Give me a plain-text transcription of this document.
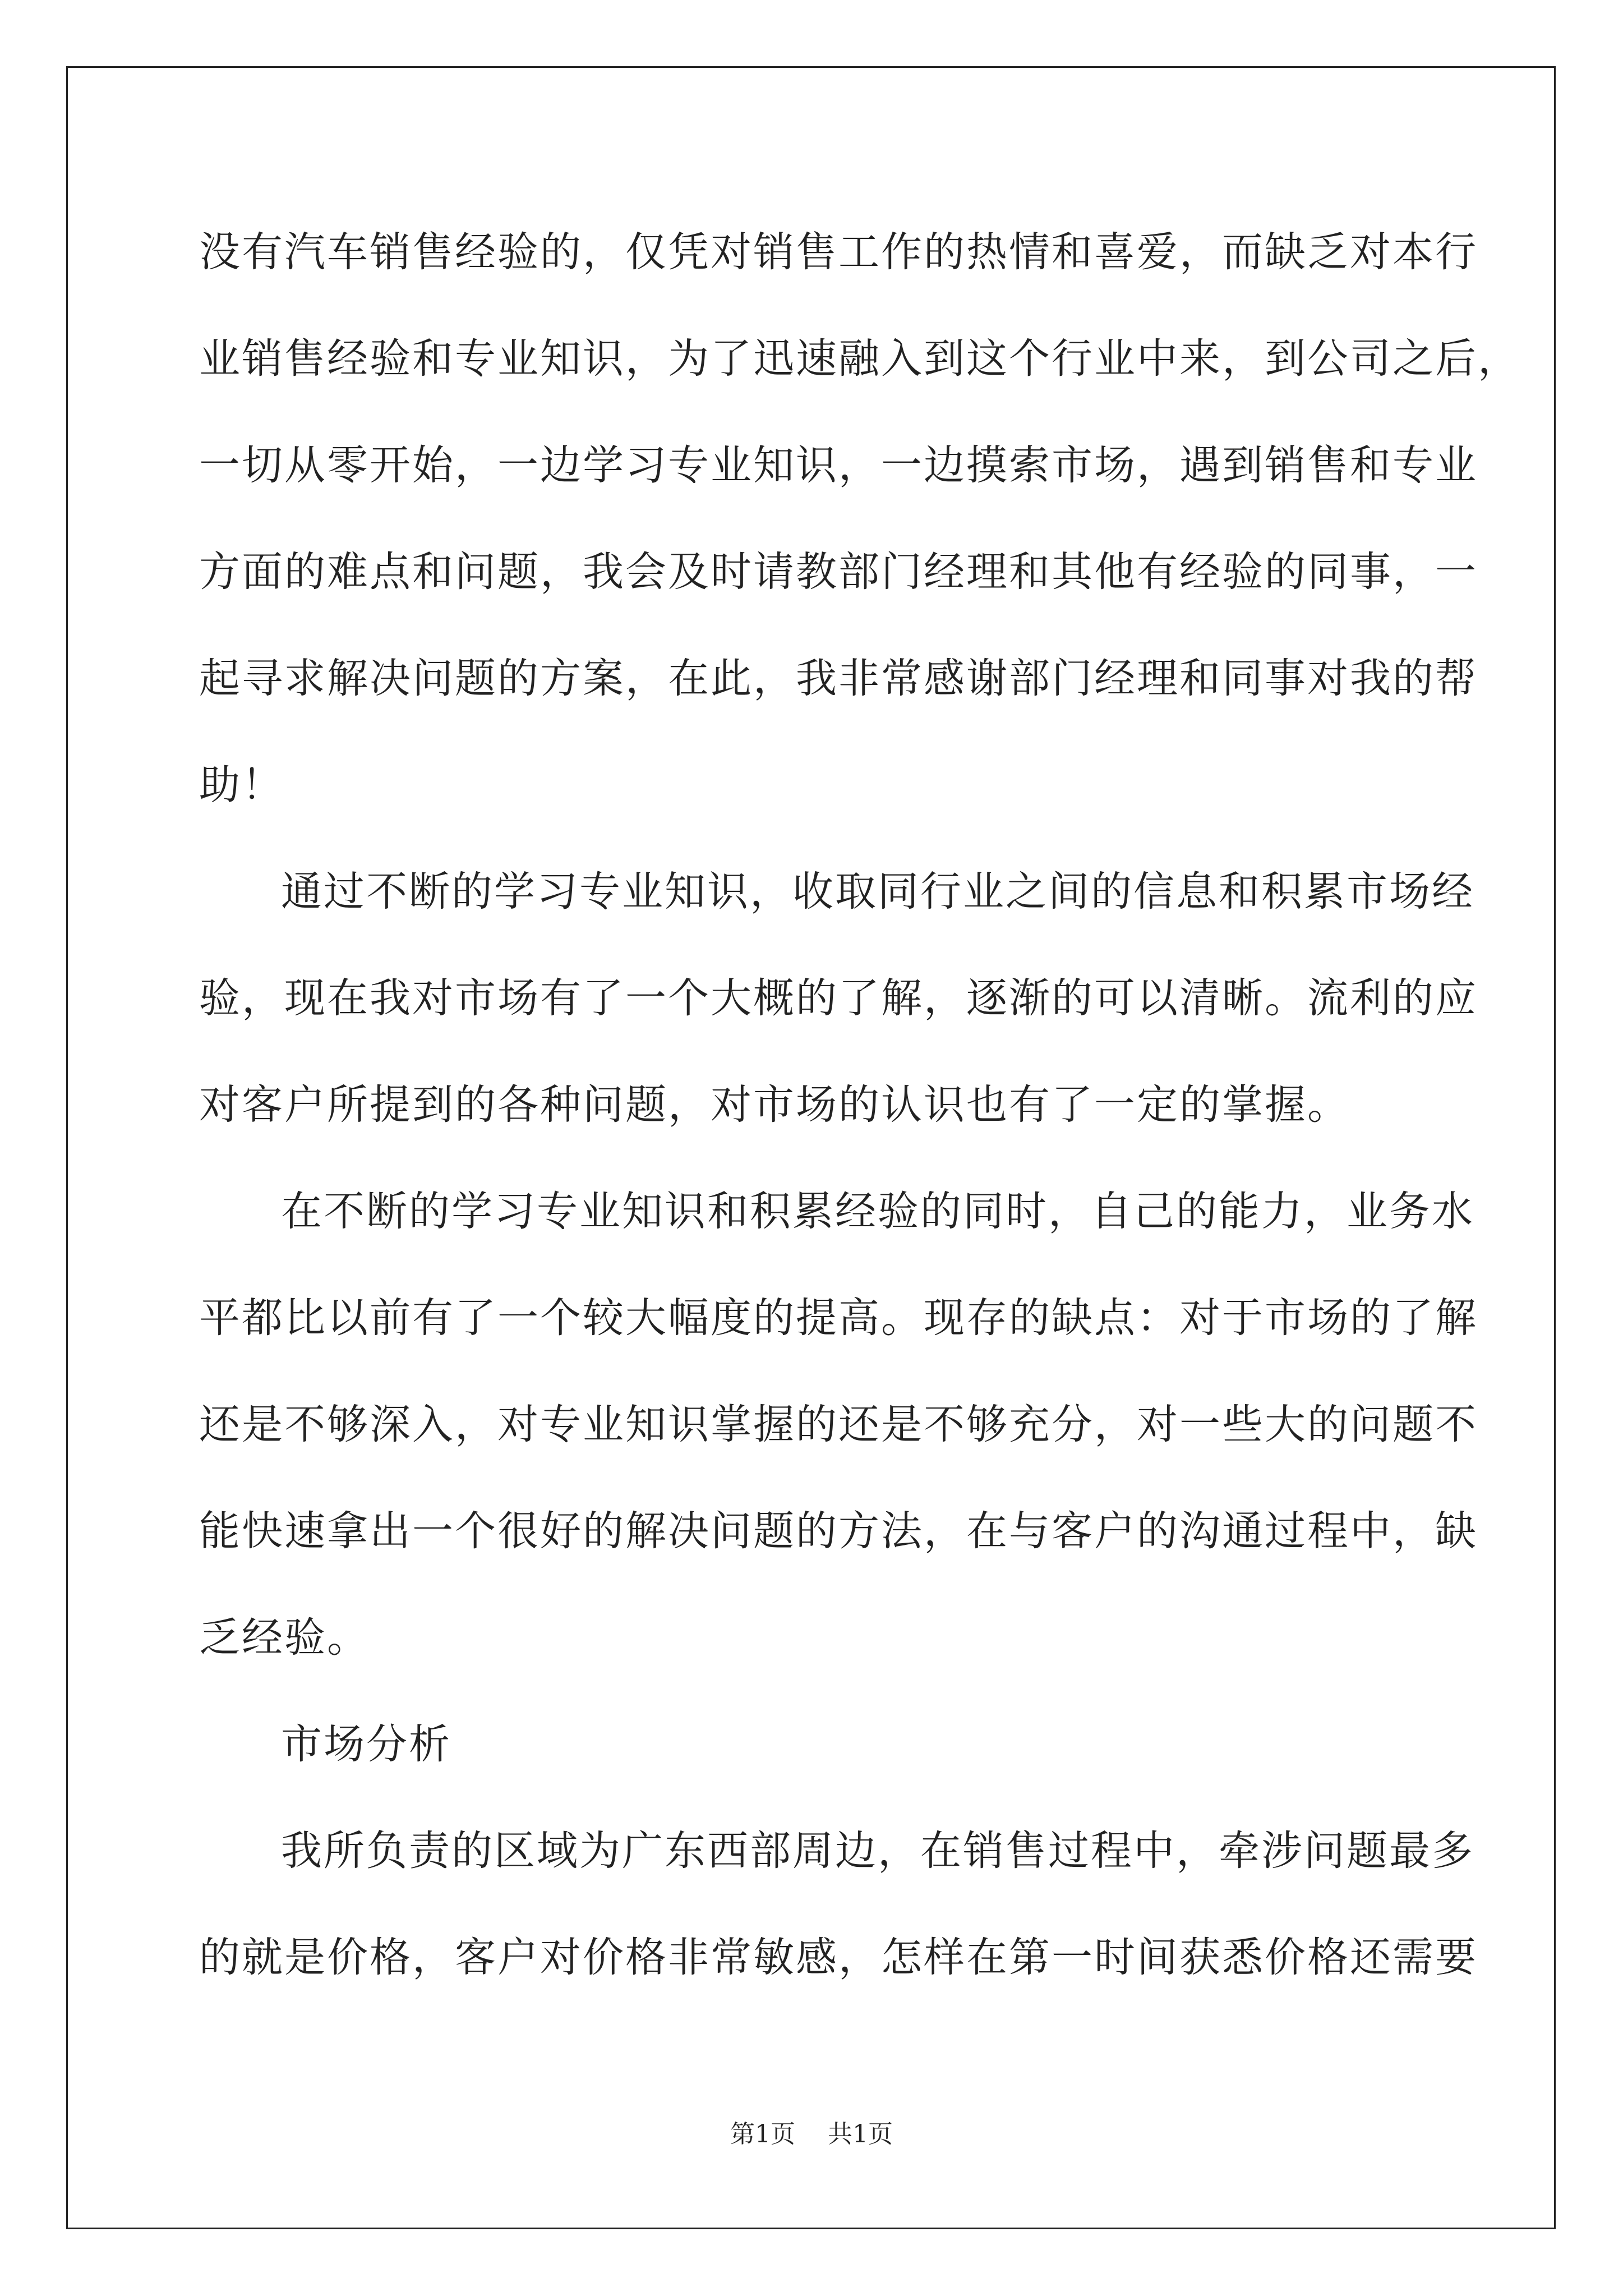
没有汽车销售经验的，仅凭对销售工作的热情和喜爱，而缺乏对本行
业销售经验和专业知识，为了迅速融入到这个行业中来，到公司之后，
一切从零开始，一边学习专业知识，一边摸索市场，遇到销售和专业
方面的难点和问题，我会及时请教部门经理和其他有经验的同事，一
起寻求解决问题的方案，在此，我非常感谢部门经理和同事对我的帮
助！
通过不断的学习专业知识，收取同行业之间的信息和积累市场经
验，现在我对市场有了一个大概的了解，逐渐的可以清晰。流利的应
对客户所提到的各种问题，对市场的认识也有了一定的掌握。
在不断的学习专业知识和积累经验的同时，自己的能力，业务水
平都比以前有了一个较大幅度的提高。现存的缺点：对于市场的了解
还是不够深入，对专业知识掌握的还是不够充分，对一些大的问题不
能快速拿出一个很好的解决问题的方法，在与客户的沟通过程中，缺
乏经验。
市场分析
我所负责的区域为广东西部周边，在销售过程中，牵涉问题最多
的就是价格，客户对价格非常敏感，怎样在第一时间获悉价格还需要
第1页 共1页
